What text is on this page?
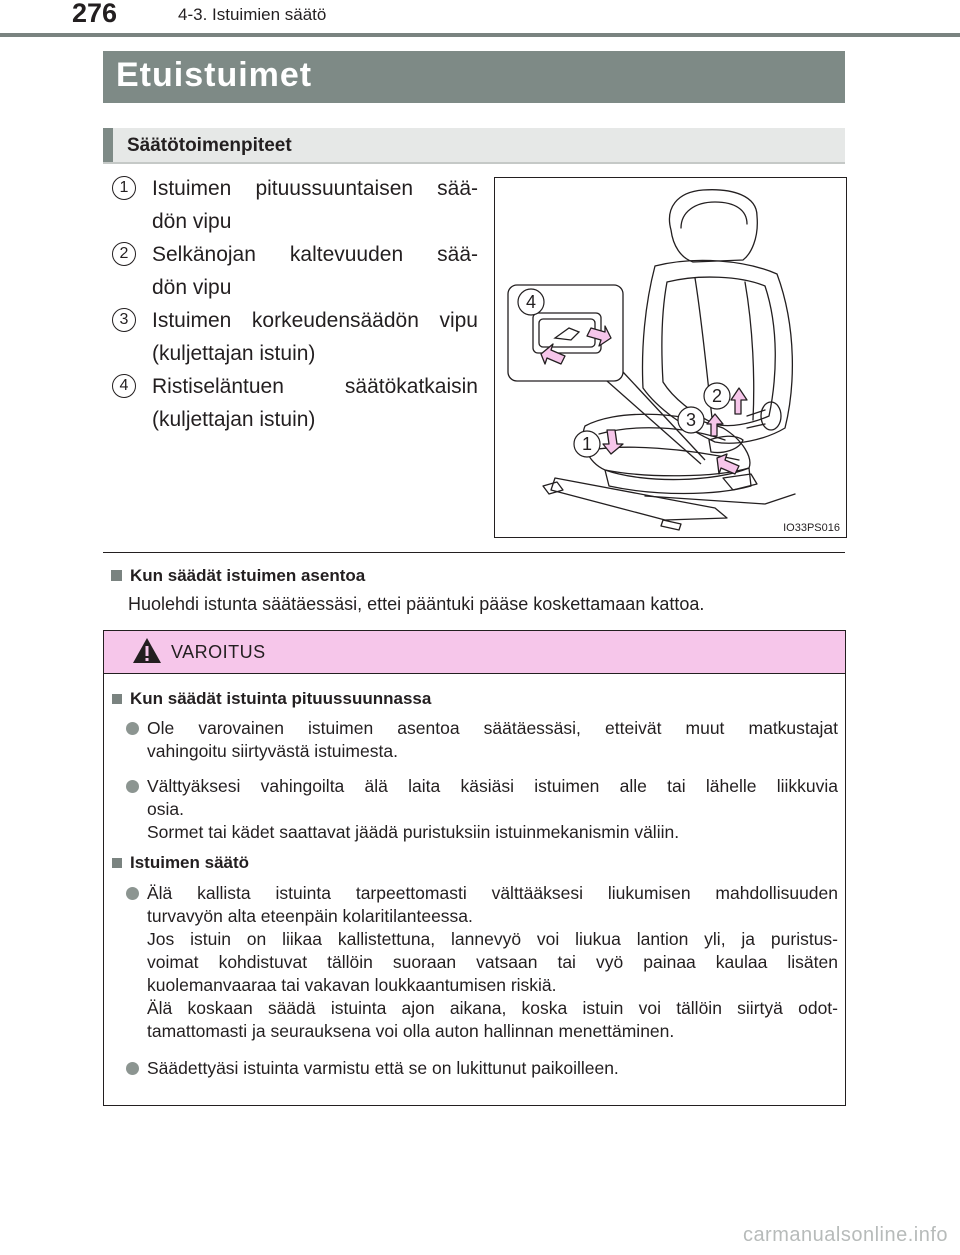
276	4-3. Istuimien säätö
Etuistuimet
Säätötoimenpiteet
1	Istuimen pituussuuntaisen sää-
dön vipu
2	Selkänojan kaltevuuden sää-
dön vipu
3	Istuimen korkeudensäädön vipu
(kuljettajan istuin)
4	Ristiseläntuen säätökatkaisin
(kuljettajan istuin)
4
2
3
1
IO33PS016
Kun säädät istuimen asentoa
Huolehdi istunta säätäessäsi, ettei pääntuki pääse koskettamaan kattoa.
VAROITUS
Kun säädät istuinta pituussuunnassa
Ole varovainen istuimen asentoa säätäessäsi, etteivät muut matkustajat
vahingoitu siirtyvästä istuimesta.
Välttyäksesi vahingoilta älä laita käsiäsi istuimen alle tai lähelle liikkuvia
osia.
Sormet tai kädet saattavat jäädä puristuksiin istuinmekanismin väliin.
Istuimen säätö
Älä kallista istuinta tarpeettomasti välttääksesi liukumisen mahdollisuuden
turvavyön alta eteenpäin kolaritilanteessa.
Jos istuin on liikaa kallistettuna, lannevyö voi liukua lantion yli, ja puristus-
voimat kohdistuvat tällöin suoraan vatsaan tai vyö painaa kaulaa lisäten
kuolemanvaaraa tai vakavan loukkaantumisen riskiä.
Älä koskaan säädä istuinta ajon aikana, koska istuin voi tällöin siirtyä odot-
tamattomasti ja seurauksena voi olla auton hallinnan menettäminen.
Säädettyäsi istuinta varmistu että se on lukittunut paikoilleen.
carmanualsonline.info
